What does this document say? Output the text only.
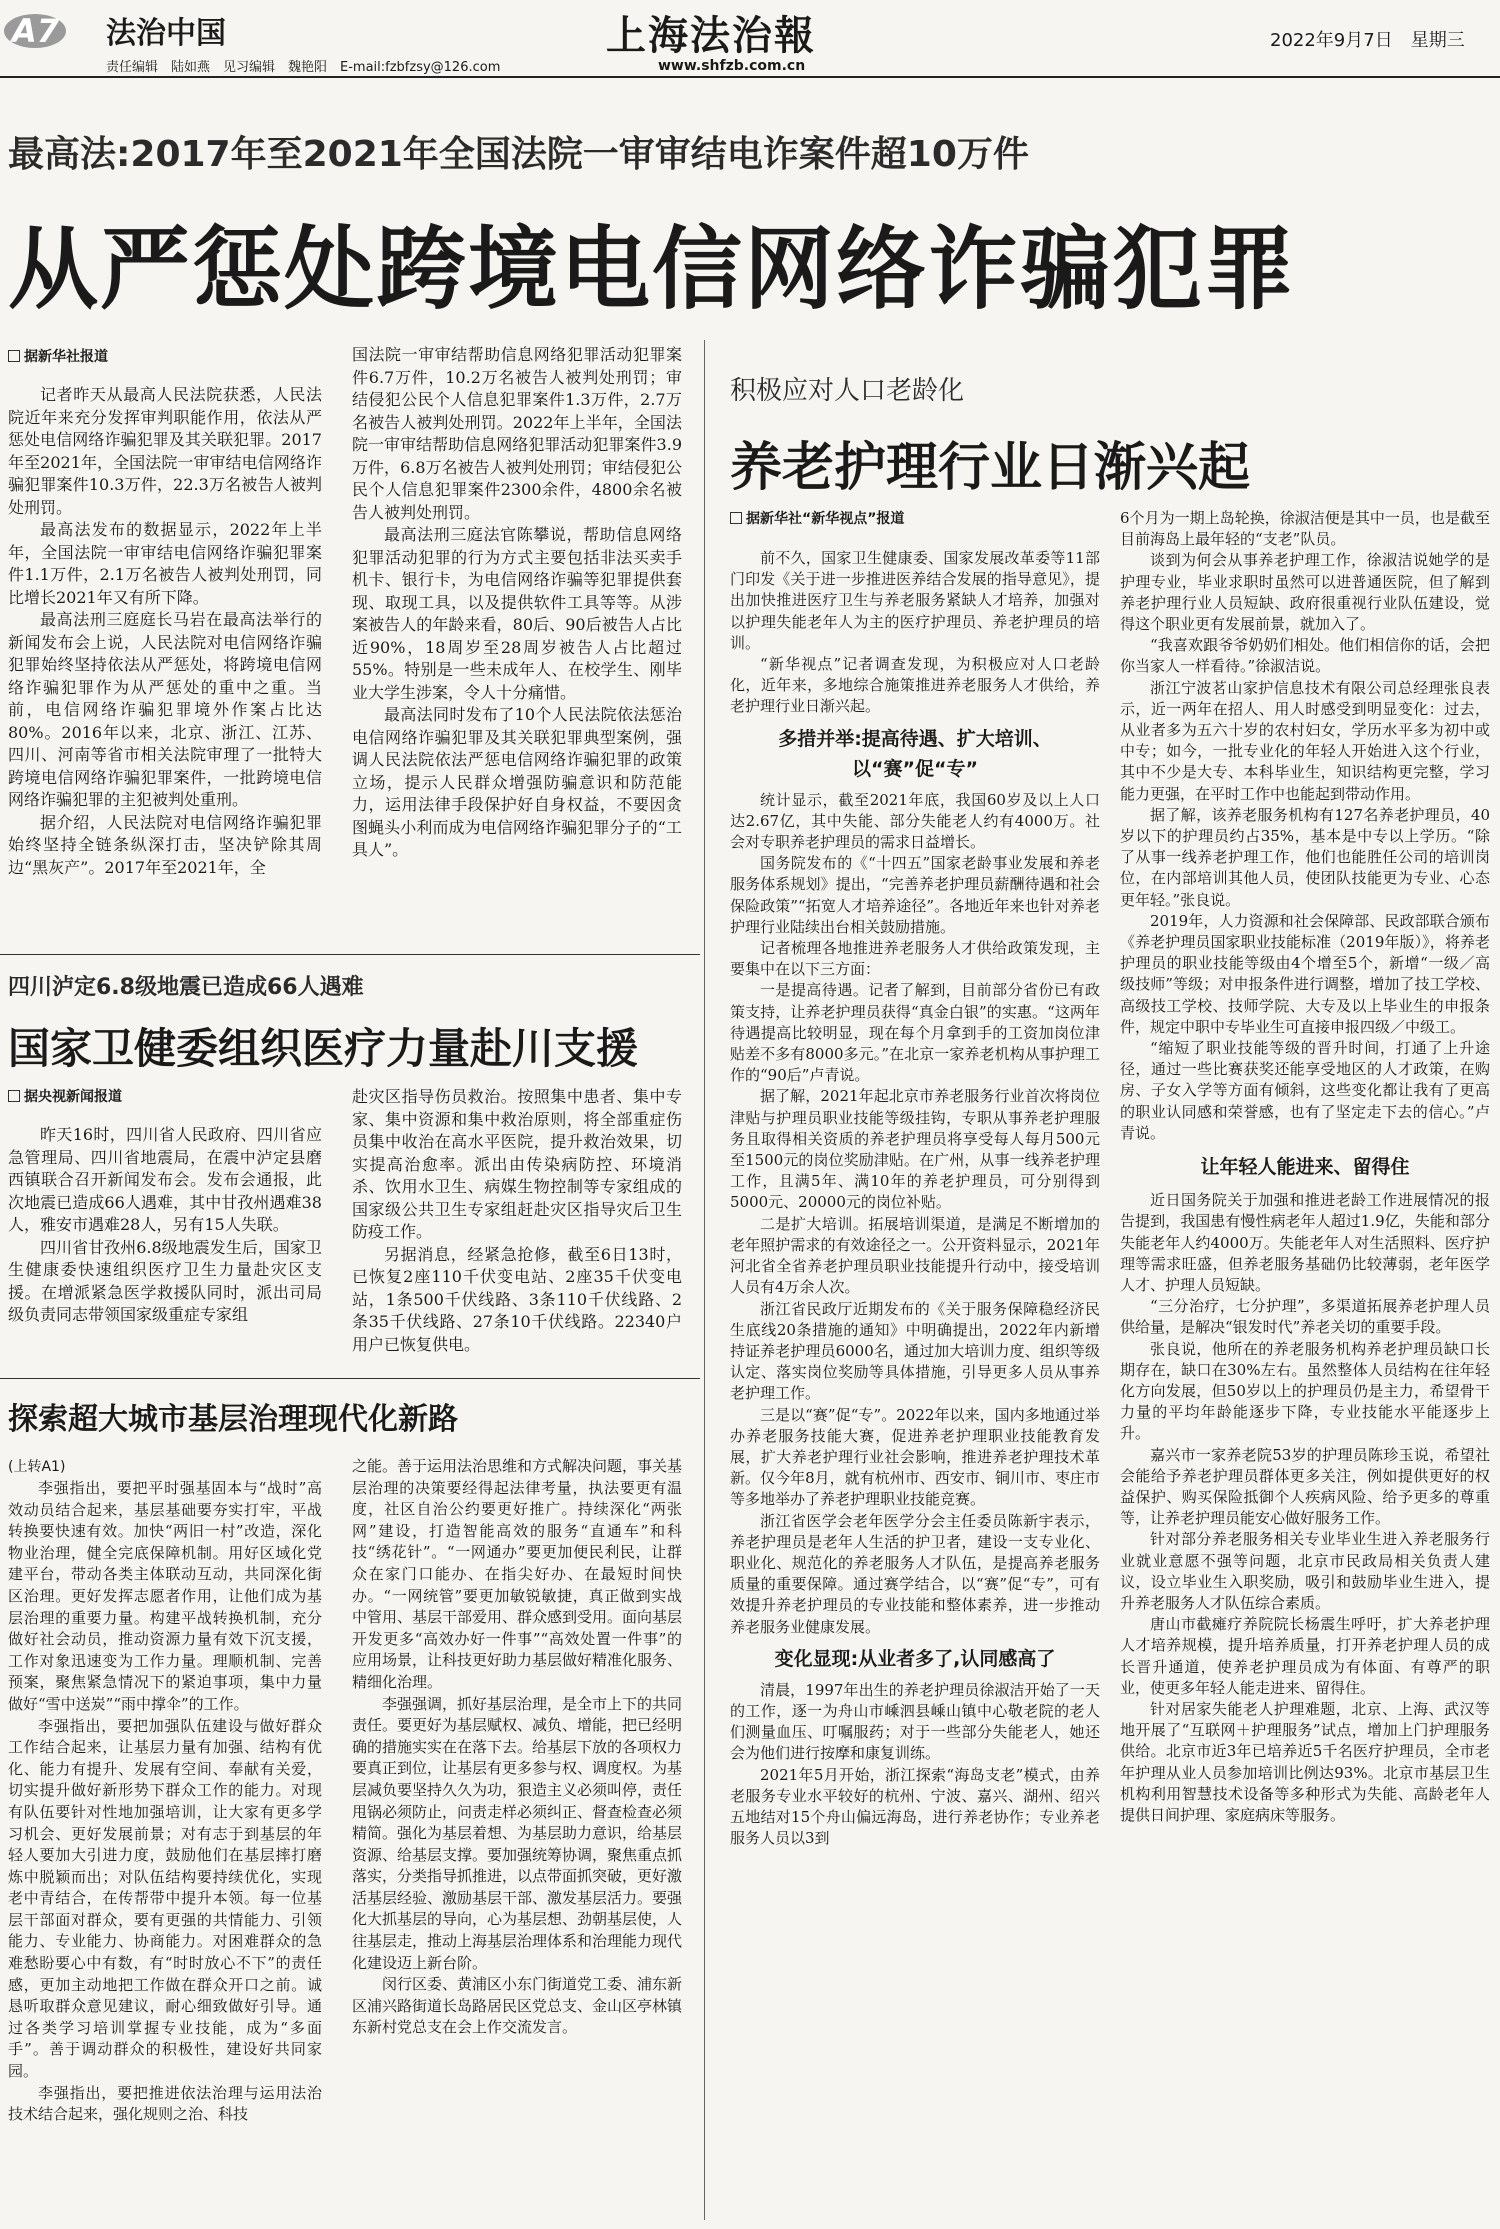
A7 法治中国
责任编辑　陆如燕　见习编辑　魏艳阳　E-mail:fzbfzsy@126.com
上海法治報
www.shfzb.com.cn
2022年9月7日　星期三
最高法:2017年至2021年全国法院一审审结电诈案件超10万件
从严惩处跨境电信网络诈骗犯罪
据新华社报道

记者昨天从最高人民法院获悉，人民法院近年来充分发挥审判职能作用，依法从严惩处电信网络诈骗犯罪及其关联犯罪。2017年至2021年，全国法院一审审结电信网络诈骗犯罪案件10.3万件，22.3万名被告人被判处刑罚。

最高法发布的数据显示，2022年上半年，全国法院一审审结电信网络诈骗犯罪案件1.1万件，2.1万名被告人被判处刑罚，同比增长2021年又有所下降。

最高法刑三庭庭长马岩在最高法举行的新闻发布会上说，人民法院对电信网络诈骗犯罪始终坚持依法从严惩处，将跨境电信网络诈骗犯罪作为从严惩处的重中之重。当前，电信网络诈骗犯罪境外作案占比达80%。2016年以来，北京、浙江、江苏、四川、河南等省市相关法院审理了一批特大跨境电信网络诈骗犯罪案件，一批跨境电信网络诈骗犯罪的主犯被判处重刑。

据介绍，人民法院对电信网络诈骗犯罪始终坚持全链条纵深打击，坚决铲除其周边“黑灰产”。2017年至2021年，全

国法院一审审结帮助信息网络犯罪活动犯罪案件6.7万件，10.2万名被告人被判处刑罚；审结侵犯公民个人信息犯罪案件1.3万件，2.7万名被告人被判处刑罚。2022年上半年，全国法院一审审结帮助信息网络犯罪活动犯罪案件3.9万件，6.8万名被告人被判处刑罚；审结侵犯公民个人信息犯罪案件2300余件，4800余名被告人被判处刑罚。

最高法刑三庭法官陈攀说，帮助信息网络犯罪活动犯罪的行为方式主要包括非法买卖手机卡、银行卡，为电信网络诈骗等犯罪提供套现、取现工具，以及提供软件工具等等。从涉案被告人的年龄来看，80后、90后被告人占比近90%，18周岁至28周岁被告人占比超过55%。特别是一些未成年人、在校学生、刚毕业大学生涉案，令人十分痛惜。

最高法同时发布了10个人民法院依法惩治电信网络诈骗犯罪及其关联犯罪典型案例，强调人民法院依法严惩电信网络诈骗犯罪的政策立场，提示人民群众增强防骗意识和防范能力，运用法律手段保护好自身权益，不要因贪图蝇头小利而成为电信网络诈骗犯罪分子的“工具人”。

四川泸定6.8级地震已造成66人遇难
国家卫健委组织医疗力量赴川支援
据央视新闻报道

昨天16时，四川省人民政府、四川省应急管理局、四川省地震局，在震中泸定县磨西镇联合召开新闻发布会。发布会通报，此次地震已造成66人遇难，其中甘孜州遇难38人，雅安市遇难28人，另有15人失联。

四川省甘孜州6.8级地震发生后，国家卫生健康委快速组织医疗卫生力量赴灾区支援。在增派紧急医学救援队同时，派出司局级负责同志带领国家级重症专家组

赴灾区指导伤员救治。按照集中患者、集中专家、集中资源和集中救治原则，将全部重症伤员集中收治在高水平医院，提升救治效果，切实提高治愈率。派出由传染病防控、环境消杀、饮用水卫生、病媒生物控制等专家组成的国家级公共卫生专家组赶赴灾区指导灾后卫生防疫工作。

另据消息，经紧急抢修，截至6日13时，已恢复2座110千伏变电站、2座35千伏变电站，1条500千伏线路、3条110千伏线路、2条35千伏线路、27条10千伏线路。22340户用户已恢复供电。

探索超大城市基层治理现代化新路
(上转A1)

李强指出，要把平时强基固本与“战时”高效动员结合起来，基层基础要夯实打牢，平战转换要快速有效。加快“两旧一村”改造，深化物业治理，健全完底保障机制。用好区域化党建平台，带动各类主体联动互动，共同深化街区治理。更好发挥志愿者作用，让他们成为基层治理的重要力量。构建平战转换机制，充分做好社会动员，推动资源力量有效下沉支援，工作对象迅速变为工作力量。理顺机制、完善预案，聚焦紧急情况下的紧迫事项，集中力量做好“雪中送炭”“雨中撑伞”的工作。

李强指出，要把加强队伍建设与做好群众工作结合起来，让基层力量有加强、结构有优化、能力有提升、发展有空间、奉献有关爱，切实提升做好新形势下群众工作的能力。对现有队伍要针对性地加强培训，让大家有更多学习机会、更好发展前景；对有志于到基层的年轻人要加大引进力度，鼓励他们在基层摔打磨炼中脱颖而出；对队伍结构要持续优化，实现老中青结合，在传帮带中提升本领。每一位基层干部面对群众，要有更强的共情能力、引领能力、专业能力、协商能力。对困难群众的急难愁盼要心中有数，有“时时放心不下”的责任感，更加主动地把工作做在群众开口之前。诚恳听取群众意见建议，耐心细致做好引导。通过各类学习培训掌握专业技能，成为“多面手”。善于调动群众的积极性，建设好共同家园。

李强指出，要把推进依法治理与运用法治技术结合起来，强化规则之治、科技

之能。善于运用法治思维和方式解决问题，事关基层治理的决策要经得起法律考量，执法要更有温度，社区自治公约要更好推广。持续深化“两张网”建设，打造智能高效的服务“直通车”和科技“绣花针”。“一网通办”要更加便民利民，让群众在家门口能办、在指尖好办、在最短时间快办。“一网统管”要更加敏锐敏捷，真正做到实战中管用、基层干部爱用、群众感到受用。面向基层开发更多“高效办好一件事”“高效处置一件事”的应用场景，让科技更好助力基层做好精准化服务、精细化治理。

李强强调，抓好基层治理，是全市上下的共同责任。要更好为基层赋权、减负、增能，把已经明确的措施实实在在落下去。给基层下放的各项权力要真正到位，让基层有更多参与权、调度权。为基层减负要坚持久久为功，狠造主义必须叫停，责任甩锅必须防止，问责走样必须纠正、督查检查必须精简。强化为基层着想、为基层助力意识，给基层资源、给基层支撑。要加强统筹协调，聚焦重点抓落实，分类指导抓推进，以点带面抓突破，更好激活基层经验、激励基层干部、激发基层活力。要强化大抓基层的导向，心为基层想、劲朝基层使，人往基层走，推动上海基层治理体系和治理能力现代化建设迈上新台阶。

闵行区委、黄浦区小东门街道党工委、浦东新区浦兴路街道长岛路居民区党总支、金山区亭林镇东新村党总支在会上作交流发言。

积极应对人口老龄化
养老护理行业日渐兴起
据新华社“新华视点”报道

前不久，国家卫生健康委、国家发展改革委等11部门印发《关于进一步推进医养结合发展的指导意见》，提出加快推进医疗卫生与养老服务紧缺人才培养，加强对以护理失能老年人为主的医疗护理员、养老护理员的培训。

“新华视点”记者调查发现，为积极应对人口老龄化，近年来，多地综合施策推进养老服务人才供给，养老护理行业日渐兴起。

多措并举:提高待遇、扩大培训、以“赛”促“专”

统计显示，截至2021年底，我国60岁及以上人口达2.67亿，其中失能、部分失能老人约有4000万。社会对专职养老护理员的需求日益增长。

国务院发布的《“十四五”国家老龄事业发展和养老服务体系规划》提出，“完善养老护理员薪酬待遇和社会保险政策”“拓宽人才培养途径”。各地近年来也针对养老护理行业陆续出台相关鼓励措施。

记者梳理各地推进养老服务人才供给政策发现，主要集中在以下三方面：

一是提高待遇。记者了解到，目前部分省份已有政策支持，让养老护理员获得“真金白银”的实惠。“这两年待遇提高比较明显，现在每个月拿到手的工资加岗位津贴差不多有8000多元。”在北京一家养老机构从事护理工作的“90后”卢青说。

据了解，2021年起北京市养老服务行业首次将岗位津贴与护理员职业技能等级挂钩，专职从事养老护理服务且取得相关资质的养老护理员将享受每人每月500元至1500元的岗位奖励津贴。在广州，从事一线养老护理工作，且满5年、满10年的养老护理员，可分别得到5000元、20000元的岗位补贴。

二是扩大培训。拓展培训渠道，是满足不断增加的老年照护需求的有效途径之一。公开资料显示，2021年河北省全省养老护理员职业技能提升行动中，接受培训人员有4万余人次。

浙江省民政厅近期发布的《关于服务保障稳经济民生底线20条措施的通知》中明确提出，2022年内新增持证养老护理员6000名，通过加大培训力度、组织等级认定、落实岗位奖励等具体措施，引导更多人员从事养老护理工作。

三是以“赛”促“专”。2022年以来，国内多地通过举办养老服务技能大赛，促进养老护理职业技能教育发展，扩大养老护理行业社会影响，推进养老护理技术革新。仅今年8月，就有杭州市、西安市、铜川市、枣庄市等多地举办了养老护理职业技能竞赛。

浙江省医学会老年医学分会主任委员陈新宇表示，养老护理员是老年人生活的护卫者，建设一支专业化、职业化、规范化的养老服务人才队伍，是提高养老服务质量的重要保障。通过赛学结合，以“赛”促“专”，可有效提升养老护理员的专业技能和整体素养，进一步推动养老服务业健康发展。

变化显现:从业者多了,认同感高了

清晨，1997年出生的养老护理员徐淑洁开始了一天的工作，逐一为舟山市嵊泗县嵊山镇中心敬老院的老人们测量血压、叮嘱服药；对于一些部分失能老人，她还会为他们进行按摩和康复训练。

2021年5月开始，浙江探索“海岛支老”模式，由养老服务专业水平较好的杭州、宁波、嘉兴、湖州、绍兴五地结对15个舟山偏远海岛，进行养老协作；专业养老服务人员以3到

6个月为一期上岛轮换，徐淑洁便是其中一员，也是截至目前海岛上最年轻的“支老”队员。

谈到为何会从事养老护理工作，徐淑洁说她学的是护理专业，毕业求职时虽然可以进普通医院，但了解到养老护理行业人员短缺、政府很重视行业队伍建设，觉得这个职业更有发展前景，就加入了。

“我喜欢跟爷爷奶奶们相处。他们相信你的话，会把你当家人一样看待。”徐淑洁说。

浙江宁波茗山家护信息技术有限公司总经理张良表示，近一两年在招人、用人时感受到明显变化：过去，从业者多为五六十岁的农村妇女，学历水平多为初中或中专；如今，一批专业化的年轻人开始进入这个行业，其中不少是大专、本科毕业生，知识结构更完整，学习能力更强，在平时工作中也能起到带动作用。

据了解，该养老服务机构有127名养老护理员，40岁以下的护理员约占35%，基本是中专以上学历。“除了从事一线养老护理工作，他们也能胜任公司的培训岗位，在内部培训其他人员，使团队技能更为专业、心态更年轻。”张良说。

2019年，人力资源和社会保障部、民政部联合颁布《养老护理员国家职业技能标准（2019年版）》，将养老护理员的职业技能等级由4个增至5个，新增“一级／高级技师”等级；对申报条件进行调整，增加了技工学校、高级技工学校、技师学院、大专及以上毕业生的申报条件，规定中职中专毕业生可直接申报四级／中级工。

“缩短了职业技能等级的晋升时间，打通了上升途径，通过一些比赛获奖还能享受地区的人才政策，在购房、子女入学等方面有倾斜，这些变化都让我有了更高的职业认同感和荣誉感，也有了坚定走下去的信心。”卢青说。

让年轻人能进来、留得住

近日国务院关于加强和推进老龄工作进展情况的报告提到，我国患有慢性病老年人超过1.9亿，失能和部分失能老年人约4000万。失能老年人对生活照料、医疗护理等需求旺盛，但养老服务基础仍比较薄弱，老年医学人才、护理人员短缺。

“三分治疗，七分护理”，多渠道拓展养老护理人员供给量，是解决“银发时代”养老关切的重要手段。

张良说，他所在的养老服务机构养老护理员缺口长期存在，缺口在30%左右。虽然整体人员结构在往年轻化方向发展，但50岁以上的护理员仍是主力，希望骨干力量的平均年龄能逐步下降，专业技能水平能逐步上升。

嘉兴市一家养老院53岁的护理员陈珍玉说，希望社会能给予养老护理员群体更多关注，例如提供更好的权益保护、购买保险抵御个人疾病风险、给予更多的尊重等，让养老护理员能安心做好服务工作。

针对部分养老服务相关专业毕业生进入养老服务行业就业意愿不强等问题，北京市民政局相关负责人建议，设立毕业生入职奖励，吸引和鼓励毕业生进入，提升养老服务人才队伍综合素质。

唐山市截瘫疗养院院长杨震生呼吁，扩大养老护理人才培养规模，提升培养质量，打开养老护理人员的成长晋升通道，使养老护理员成为有体面、有尊严的职业，使更多年轻人能走进来、留得住。

针对居家失能老人护理难题，北京、上海、武汉等地开展了“互联网＋护理服务”试点，增加上门护理服务供给。北京市近3年已培养近5千名医疗护理员，全市老年护理从业人员参加培训比例达93%。北京市基层卫生机构利用智慧技术设备等多种形式为失能、高龄老年人提供日间护理、家庭病床等服务。
